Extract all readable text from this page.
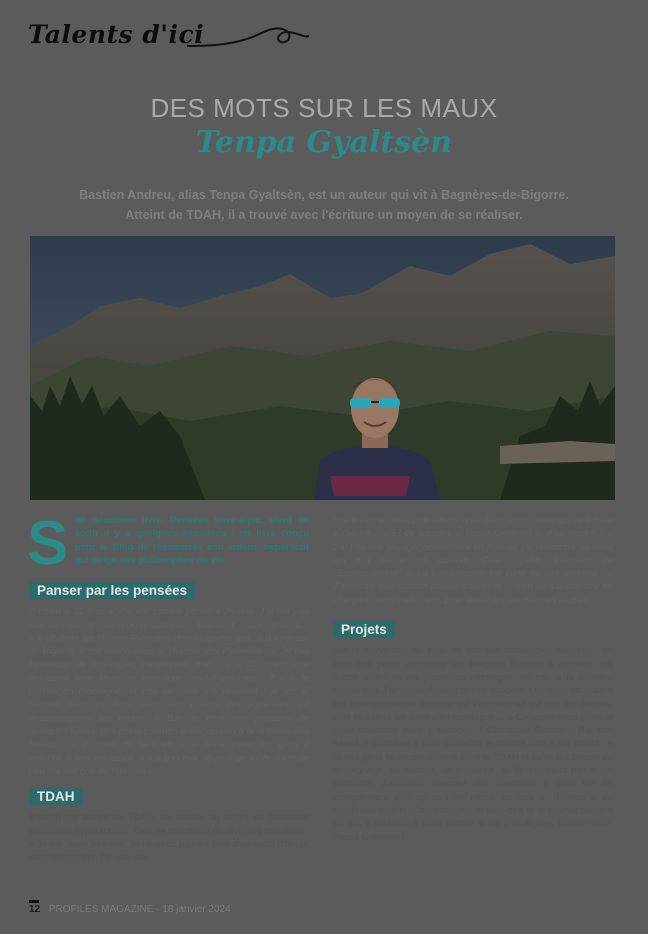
Talents d'ici
DES MOTS SUR LES MAUX
Tenpa Gyaltsèn

Bastien Andreu, alias Tenpa Gyaltsèn, est un auteur qui vit à Bagnères-de-Bigorre.

Atteint de TDAH, il a trouvé avec l'écriture un moyen de se réaliser.

S on deuxième livre, Pensées terre-à-pic, vient de sortir il y a quelques semaines : un livre conçu pour le Blog de ressourcer son auteur, hyperactif qui dirige ses philosophes de vie.

Panser par les pensées

Bastien a 31 ans. « J'ai été zonard pendant 20 ans. J'ai fait pas mal de métiers : serveur, restaurateur, bâtiment, espaces verts… » Il vit dans les Hautes-Pyrénées depuis quatre ans, à Bagnères-de-Bigorre. Il est tombé sous le charme des Pyrénées : « Je fais beaucoup de montagne, randonnée, trail… » « Comment une deuxième liste. Pensées terre-à-pic, as-t-il été conçu ? » « Je partais en montagne, et ces pensées me venaient ; je les ai réunies dans ce livre, avec des photos des Pyrénées qui accompagnent les textes. » Bastien écrit des pensées de quelques lignes, des petits poèmes brefs, un peu à la manière des haïkus : « J'essaie de faire en sorte d'intéresser les gens à réfléchir à leur existence. Il y a pas mal de jeux de mots, c'est un peu ma marque de fabrique ».

TDAH

Bastien est atteint de TDAH, ou trouble du déficit de l'attention avec/sans hyperactivité. Cela se manifeste de diverses manières : « Je me lasse très vite. Je ne peux pas lire plus d'un quart d'heure sans m'ennuyer, j'ai une mé-

moire très volatile, une attention de zéro, un cerveau qui va à mille à l'heure… » Et ce surnom, « Tenpa Gyaltsèn », d'où vient-il ? « J'ai pas mal voyagé, notamment en Asie où j'ai rencontré un lama qui m'a donné ce surnom. Cela signifie "Étendard de l'Enseignement" ». La transmission est l'une de ses priorités : « J'aimerais que chacun puisse trouver le moyen de s'apprendre en charge émotionnellement, pour éviter les souffrances inutiles ».

Projets

Sur la couverture du livre, on voit des banderoles colorées : ce sont des petits drapeaux sur lesquels Bastien a imprimé ses textes avant de les placer en montagne, un peu à la manière tibétaine. « J'aimerais développer ce concept. Les gens pourraient par exemple choisir un texte qui s'imprimerait sur des banderoles, puis ils iraient les mettre en montagne… » Ce projet vous parle et vous souhaitez vous y associer ? Contactez Bastien ! Par son travail, il contribue à faire connaître le trouble dont il est atteint : « Si des gens se reconnaissent dans le TDAH et qu'ils ont besoin de témoignage, de soutien, de présence, qu'ils n'hésitent pas à me contacter. J'aimerais apporter des réponses à ceux qui ne comprennent pas ce qu'il se passe en eux ». Bastien a de nombreux projets. Concentré sur le bien-être et le développement de soi, il souhaite à nous rendre la vie plus légère. Bonne route, Tenpa Gyaltsèn !

12 PROFILES MAGAZINE · 18 janvier 2024
